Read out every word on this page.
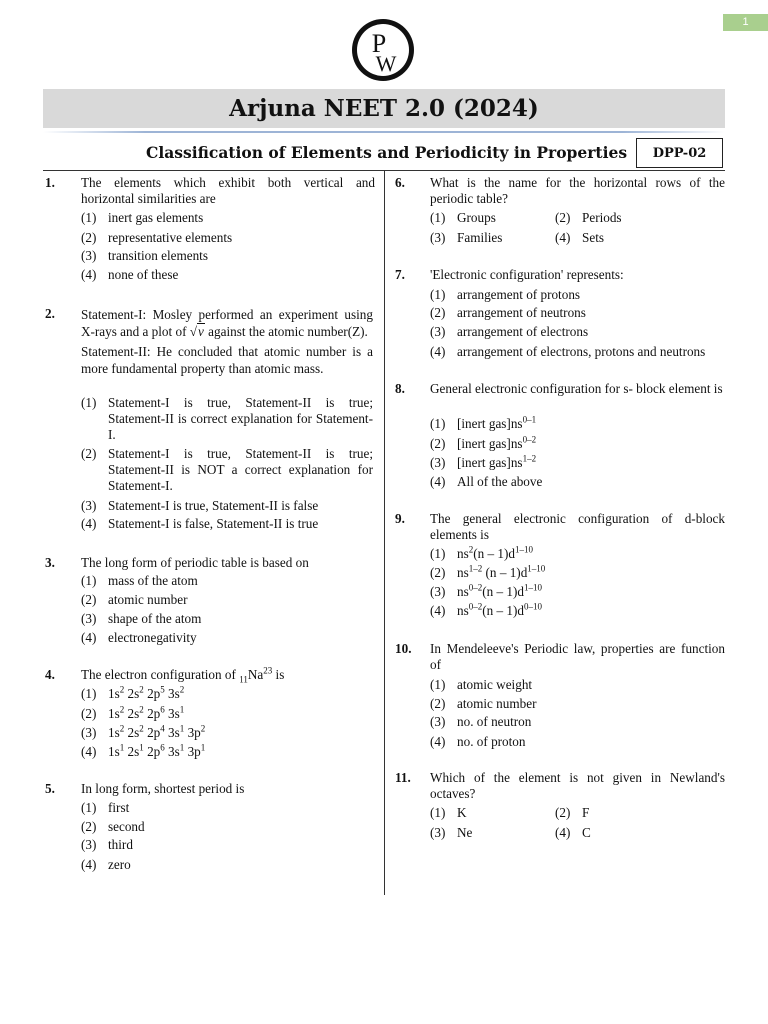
1
P
W
Arjuna NEET 2.0 (2024)
Classification of Elements and Periodicity in Properties	DPP-02
1. The elements which exhibit both vertical and horizontal similarities are
(1) inert gas elements
(2) representative elements
(3) transition elements
(4) none of these
2. Statement-I: Mosley performed an experiment using X-rays and a plot of √ν against the atomic number(Z).

Statement-II: He concluded that atomic number is a more fundamental property than atomic mass.

(1) Statement-I is true, Statement-II is true; Statement-II is correct explanation for Statement-I.
(2) Statement-I is true, Statement-II is true; Statement-II is NOT a correct explanation for Statement-I.
(3) Statement-I is true, Statement-II is false
(4) Statement-I is false, Statement-II is true
3. The long form of periodic table is based on
(1) mass of the atom
(2) atomic number
(3) shape of the atom
(4) electronegativity
4. The electron configuration of $_{11}Na^{23}$ is
(1) $1s^2$ $2s^2$ $2p^5$ $3s^2$
(2) $1s^2$ $2s^2$ $2p^6$ $3s^1$
(3) $1s^2$ $2s^2$ $2p^4$ $3s^1$ $3p^2$
(4) $1s^1$ $2s^1$ $2p^6$ $3s^1$ $3p^1$
5. In long form, shortest period is
(1) first
(2) second
(3) third
(4) zero
6. What is the name for the horizontal rows of the periodic table?
(1) Groups	(2) Periods
(3) Families	(4) Sets
7. 'Electronic configuration' represents:
(1) arrangement of protons
(2) arrangement of neutrons
(3) arrangement of electrons
(4) arrangement of electrons, protons and neutrons
8. General electronic configuration for s- block element is
(1) [inert $gas]ns^{0-1}$
(2) [inert $gas]ns^{0-2}$
(3) [inert $gas]ns^{1-2}$
(4) All of the above
9. The general electronic configuration of d-block elements is
(1) $ns^2(n - 1)d^{1-10}$
(2) $ns^{1-2}$ $(n - 1)d^{1-10}$
(3) $ns^{0-2}(n - 1)d^{1-10}$
(4) $ns^{0-2}(n - 1)d^{0-10}$
10. In Mendeleeve's Periodic law, properties are function of
(1) atomic weight
(2) atomic number
(3) no. of neutron
(4) no. of proton
11. Which of the element is not given in Newland's octaves?
(1) K	(2) F
(3) Ne	(4) C
